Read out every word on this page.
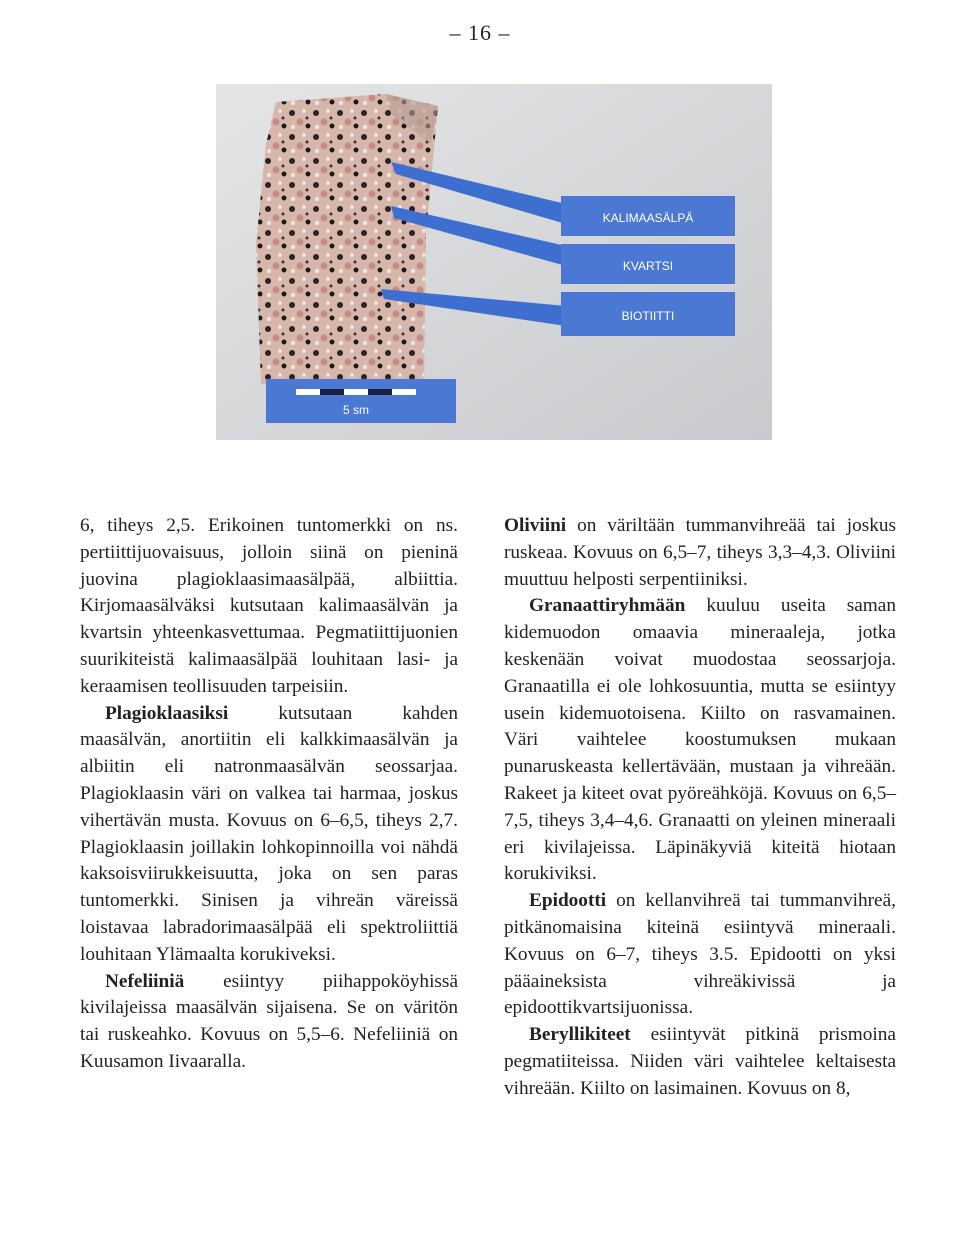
– 16 –
KALIMAASÄLPÄ
KVARTSI
BIOTIITTI
5 sm

6, tiheys 2,5. Erikoinen tuntomerkki on ns. pertiittijuovaisuus, jolloin siinä on pieninä juovina plagioklaasimaasälpää, albiittia. Kirjomaasälväksi kutsutaan kalimaasälvän ja kvartsin yhteenkasvettumaa. Pegmatiittijuonien suurikiteistä kalimaasälpää louhitaan lasi- ja keraamisen teollisuuden tarpeisiin.

Plagioklaasiksi kutsutaan kahden maasälvän, anortiitin eli kalkkimaasälvän ja albiitin eli natronmaasälvän seossarjaa. Plagioklaasin väri on valkea tai harmaa, joskus vihertävän musta. Kovuus on 6–6,5, tiheys 2,7. Plagioklaasin joillakin lohkopinnoilla voi nähdä kaksoisviirukkeisuutta, joka on sen paras tuntomerkki. Sinisen ja vihreän väreissä loistavaa labradorimaasälpää eli spektroliittiä louhitaan Ylämaalta korukiveksi.

Nefeliiniä esiintyy piihappoköyhissä kivilajeissa maasälvän sijaisena. Se on väritön tai ruskeahko. Kovuus on 5,5–6. Nefeliiniä on Kuusamon Iivaaralla.

Oliviini on väriltään tummanvihreää tai joskus ruskeaa. Kovuus on 6,5–7, tiheys 3,3–4,3. Oliviini muuttuu helposti serpentiiniksi.

Granaattiryhmään kuuluu useita saman kidemuodon omaavia mineraaleja, jotka keskenään voivat muodostaa seossarjoja. Granaatilla ei ole lohkosuuntia, mutta se esiintyy usein kidemuotoisena. Kiilto on rasvamainen. Väri vaihtelee koostumuksen mukaan punaruskeasta kellertävään, mustaan ja vihreään. Rakeet ja kiteet ovat pyöreähköjä. Kovuus on 6,5–7,5, tiheys 3,4–4,6. Granaatti on yleinen mineraali eri kivilajeissa. Läpinäkyviä kiteitä hiotaan korukiviksi.

Epidootti on kellanvihreä tai tummanvihreä, pitkänomaisina kiteinä esiintyvä mineraali. Kovuus on 6–7, tiheys 3.5. Epidootti on yksi pääaineksista vihreäkivissä ja epidoottikvartsijuonissa.

Beryllikiteet esiintyvät pitkinä prismoina pegmatiiteissa. Niiden väri vaihtelee keltaisesta vihreään. Kiilto on lasimainen. Kovuus on 8,
